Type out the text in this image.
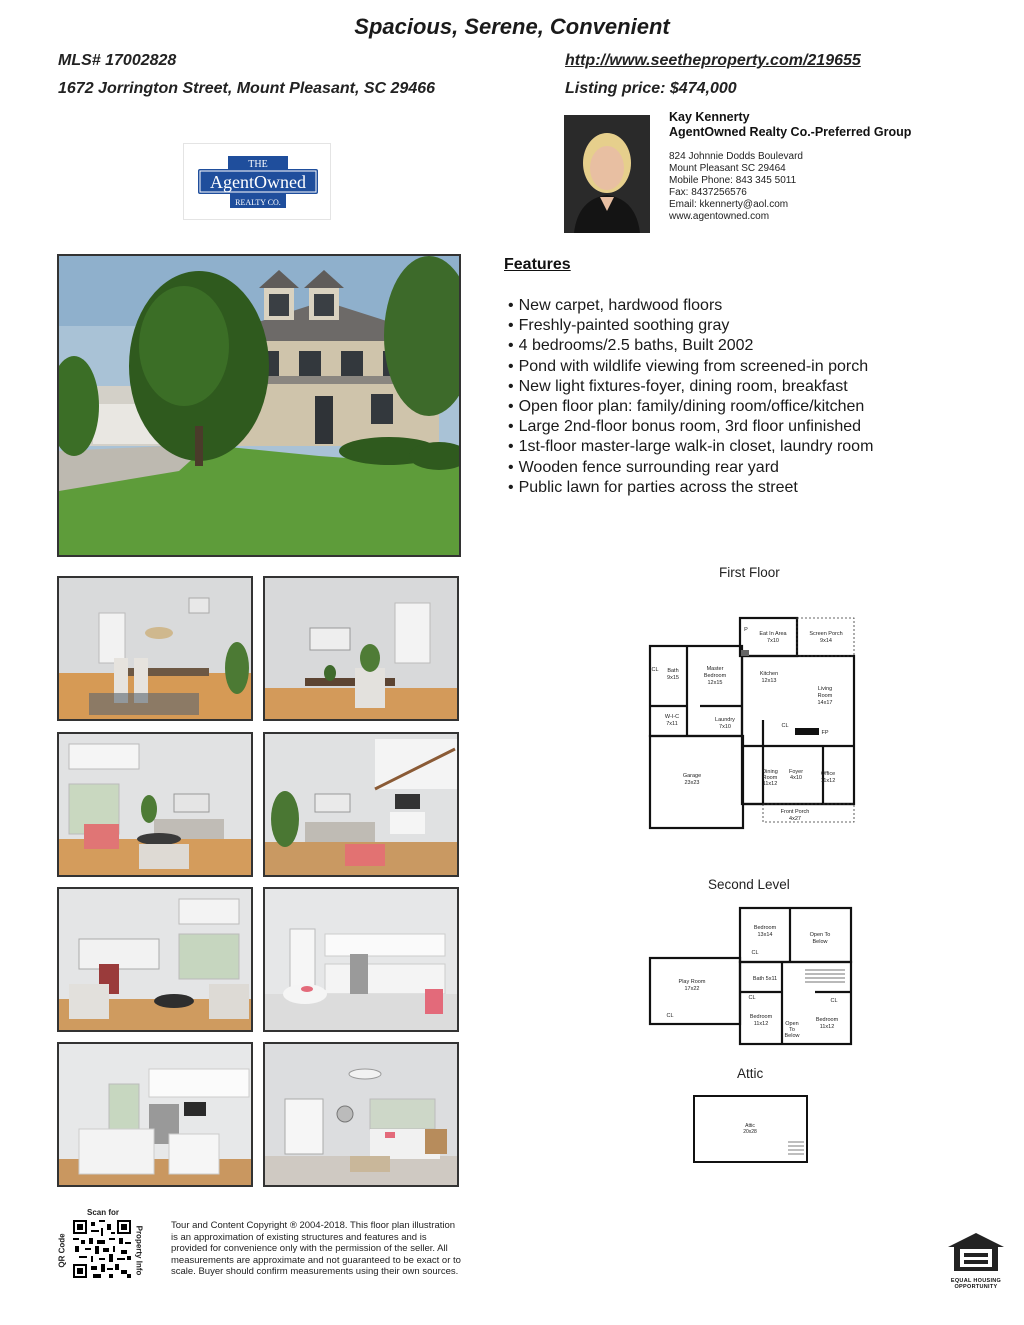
Spacious, Serene, Convenient
MLS# 17002828
1672 Jorrington Street, Mount Pleasant, SC 29466
http://www.seetheproperty.com/219655
Listing price: $474,000
Kay Kennerty
AgentOwned Realty Co.-Preferred Group
824 Johnnie Dodds Boulevard
Mount Pleasant SC 29464
Mobile Phone: 843 345 5011
Fax: 8437256576
Email: kkennerty@aol.com
www.agentowned.com
THE
AgentOwned
REALTY CO.
Features
• New carpet, hardwood floors
• Freshly-painted soothing gray
• 4 bedrooms/2.5 baths, Built 2002
• Pond with wildlife viewing from screened-in porch
• New light fixtures-foyer, dining room, breakfast
• Open floor plan: family/dining room/office/kitchen
• Large 2nd-floor bonus room, 3rd floor unfinished
• 1st-floor master-large walk-in closet, laundry room
• Wooden fence surrounding rear yard
• Public lawn for parties across the street
First Floor
Eat In Area
7x10
Screen Porch
9x14
P
Bath
9x15
CL	Master
Bedroom
12x15
Kitchen
12x13
Living
Room
14x17
W-I-C
7x11
Laundry
7x10
FP
CL
Garage
23x23
Dining
Room
11x12
Foyer
4x10
Office
11x12
Front Porch
4x27
Second Level
Bedroom
13x14	Open To
Below
CL
Play Room
17x22
CL
Bath 5x11
CL
Bedroom
11x12	Open
To
Below
CL
Bedroom
11x12
Attic
Attic
20x28
Scan for
QR Code	Property Info
Tour and Content Copyright ® 2004-2018. This floor plan illustration is an approximation of existing structures and features and is provided for convenience only with the permission of the seller. All measurements are approximate and not guaranteed to be exact or to scale. Buyer should confirm measurements using their own sources.
EQUAL HOUSING
OPPORTUNITY
